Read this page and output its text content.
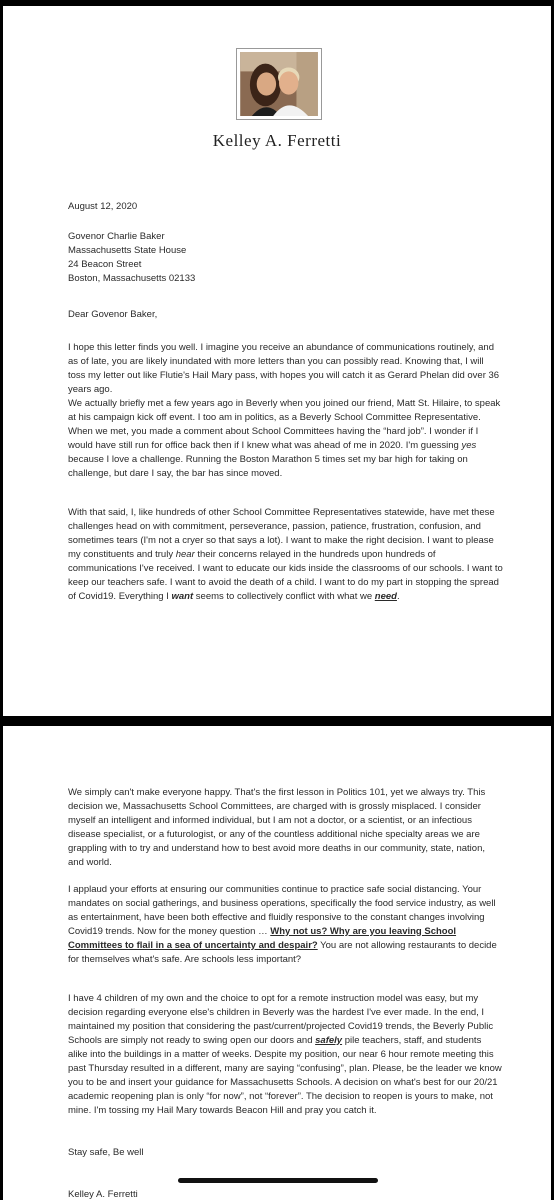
Kelley A. Ferretti
August 12, 2020
Govenor Charlie Baker
Massachusetts State House
24 Beacon Street
Boston, Massachusetts 02133
Dear Govenor Baker,

I hope this letter finds you well. I imagine you receive an abundance of communications routinely, and as of late, you are likely inundated with more letters than you can possibly read. Knowing that, I will toss my letter out like Flutie's Hail Mary pass, with hopes you will catch it as Gerard Phelan did over 36 years ago.

We actually briefly met a few years ago in Beverly when you joined our friend, Matt St. Hilaire, to speak at his campaign kick off event. I too am in politics, as a Beverly School Committee Representative. When we met, you made a comment about School Committees having the “hard job”. I wonder if I would have still run for office back then if I knew what was ahead of me in 2020. I'm guessing yes because I love a challenge. Running the Boston Marathon 5 times set my bar high for taking on challenge, but dare I say, the bar has since moved.

With that said, I, like hundreds of other School Committee Representatives statewide, have met these challenges head on with commitment, perseverance, passion, patience, frustration, confusion, and sometimes tears (I'm not a cryer so that says a lot). I want to make the right decision. I want to please my constituents and truly hear their concerns relayed in the hundreds upon hundreds of communications I've received. I want to educate our kids inside the classrooms of our schools. I want to keep our teachers safe. I want to avoid the death of a child. I want to do my part in stopping the spread of Covid19. Everything I want seems to collectively conflict with what we need.

We simply can't make everyone happy. That's the first lesson in Politics 101, yet we always try. This decision we, Massachusetts School Committees, are charged with is grossly misplaced. I consider myself an intelligent and informed individual, but I am not a doctor, or a scientist, or an infectious disease specialist, or a futurologist, or any of the countless additional niche specialty areas we are grappling with to try and understand how to best avoid more deaths in our community, state, nation, and world.

I applaud your efforts at ensuring our communities continue to practice safe social distancing. Your mandates on social gatherings, and business operations, specifically the food service industry, as well as entertainment, have been both effective and fluidly responsive to the constant changes involving Covid19 trends. Now for the money question … Why not us? Why are you leaving School Committees to flail in a sea of uncertainty and despair? You are not allowing restaurants to decide for themselves what's safe. Are schools less important?

I have 4 children of my own and the choice to opt for a remote instruction model was easy, but my decision regarding everyone else's children in Beverly was the hardest I've ever made. In the end, I maintained my position that considering the past/current/projected Covid19 trends, the Beverly Public Schools are simply not ready to swing open our doors and safely pile teachers, staff, and students alike into the buildings in a matter of weeks. Despite my position, our near 6 hour remote meeting this past Thursday resulted in a different, many are saying “confusing”, plan. Please, be the leader we know you to be and insert your guidance for Massachusetts Schools. A decision on what's best for our 20/21 academic reopening plan is only “for now”, not “forever”. The decision to reopen is yours to make, not mine. I'm tossing my Hail Mary towards Beacon Hill and pray you catch it.

Stay safe, Be well
Kelley A. Ferretti
